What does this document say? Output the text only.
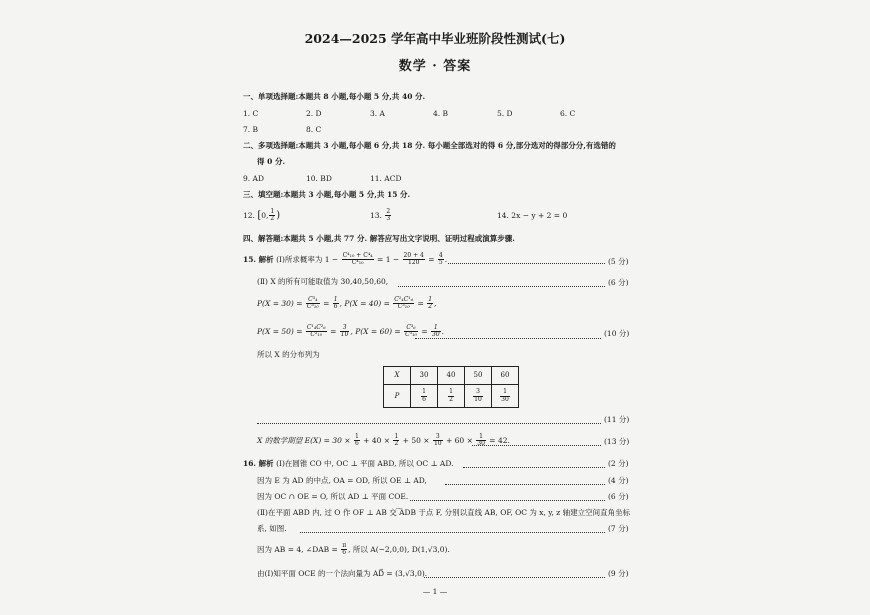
2024—2025 学年高中毕业班阶段性测试(七)
数学 · 答案
一、单项选择题:本题共 8 小题,每小题 5 分,共 40 分.
1. C	2. D	3. A	4. B	5. D	6. C
7. B	8. C
二、多项选择题:本题共 3 小题,每小题 6 分,共 18 分. 每小题全部选对的得 6 分,部分选对的得部分分,有选错的
得 0 分.
9. AD	10. BD	11. ACD
三、填空题:本题共 3 小题,每小题 5 分,共 15 分.
12. [0, $\frac{1}{2}$ )	13. $\frac{2}{3}$	14. 2x − y + 2 = 0
四、解答题:本题共 5 小题,共 77 分. 解答应写出文字说明、证明过程或演算步骤.
15. 解析 (Ⅰ)所求概率为 $1 - \frac{\text{C⁴₁₀ + C⁴₄}}{\text{C⁴₁₀}} = 1 - \frac{20 + 4}{120} = \frac{4}{5}$ .	(5 分)
(Ⅱ) X 的所有可能取值为 30,40,50,60,	(6 分)
$P(X = 30) = \frac{\text{C³₄}}{\text{C³₁₀}} = \frac{1}{6}$ , $P(X = 40) = \frac{\text{C²₄C¹₆}}{\text{C³₁₀}} = \frac{1}{2}$ ,
$P(X = 50) = \frac{\text{C¹₄C²₆}}{\text{C³₁₀}} = \frac{3}{10}$ , $P(X = 60) = \frac{\text{C³₆}}{\text{C³₁₀}} = \frac{1}{30}$ .	(10 分)
所以 X 的分布列为
X	30	40	50	60
P	$\frac{1}{6}$	$\frac{1}{2}$	$\frac{3}{10}$	$\frac{1}{30}$
(11 分)
X 的数学期望 $E(X) = 30 \times \frac{1}{6} + 40 \times \frac{1}{2} + 50 \times \frac{3}{10} + 60 \times \frac{1}{30} = 42$.	(13 分)
16. 解析 (Ⅰ)在圆锥 CO 中, OC ⊥ 平面 ABD, 所以 OC ⊥ AD.	(2 分)
因为 E 为 AD 的中点, OA = OD, 所以 OE ⊥ AD,	(4 分)
因为 OC ∩ OE = O, 所以 AD ⊥ 平面 COE.	(6 分)
(Ⅱ)在平面 ABD 内, 过 O 作 OF ⊥ AB 交 ͡ADB 于点 F, 分别以直线 AB, OF, OC 为 x, y, z 轴建立空间直角坐标
系, 如图.	(7 分)
因为 AB = 4, ∠DAB = $\frac{\pi}{6}$ , 所以 A(−2,0,0), D(1,√3,0).
由(Ⅰ)知平面 OCE 的一个法向量为 AD⃗ = (3,√3,0).	(9 分)
— 1 —
